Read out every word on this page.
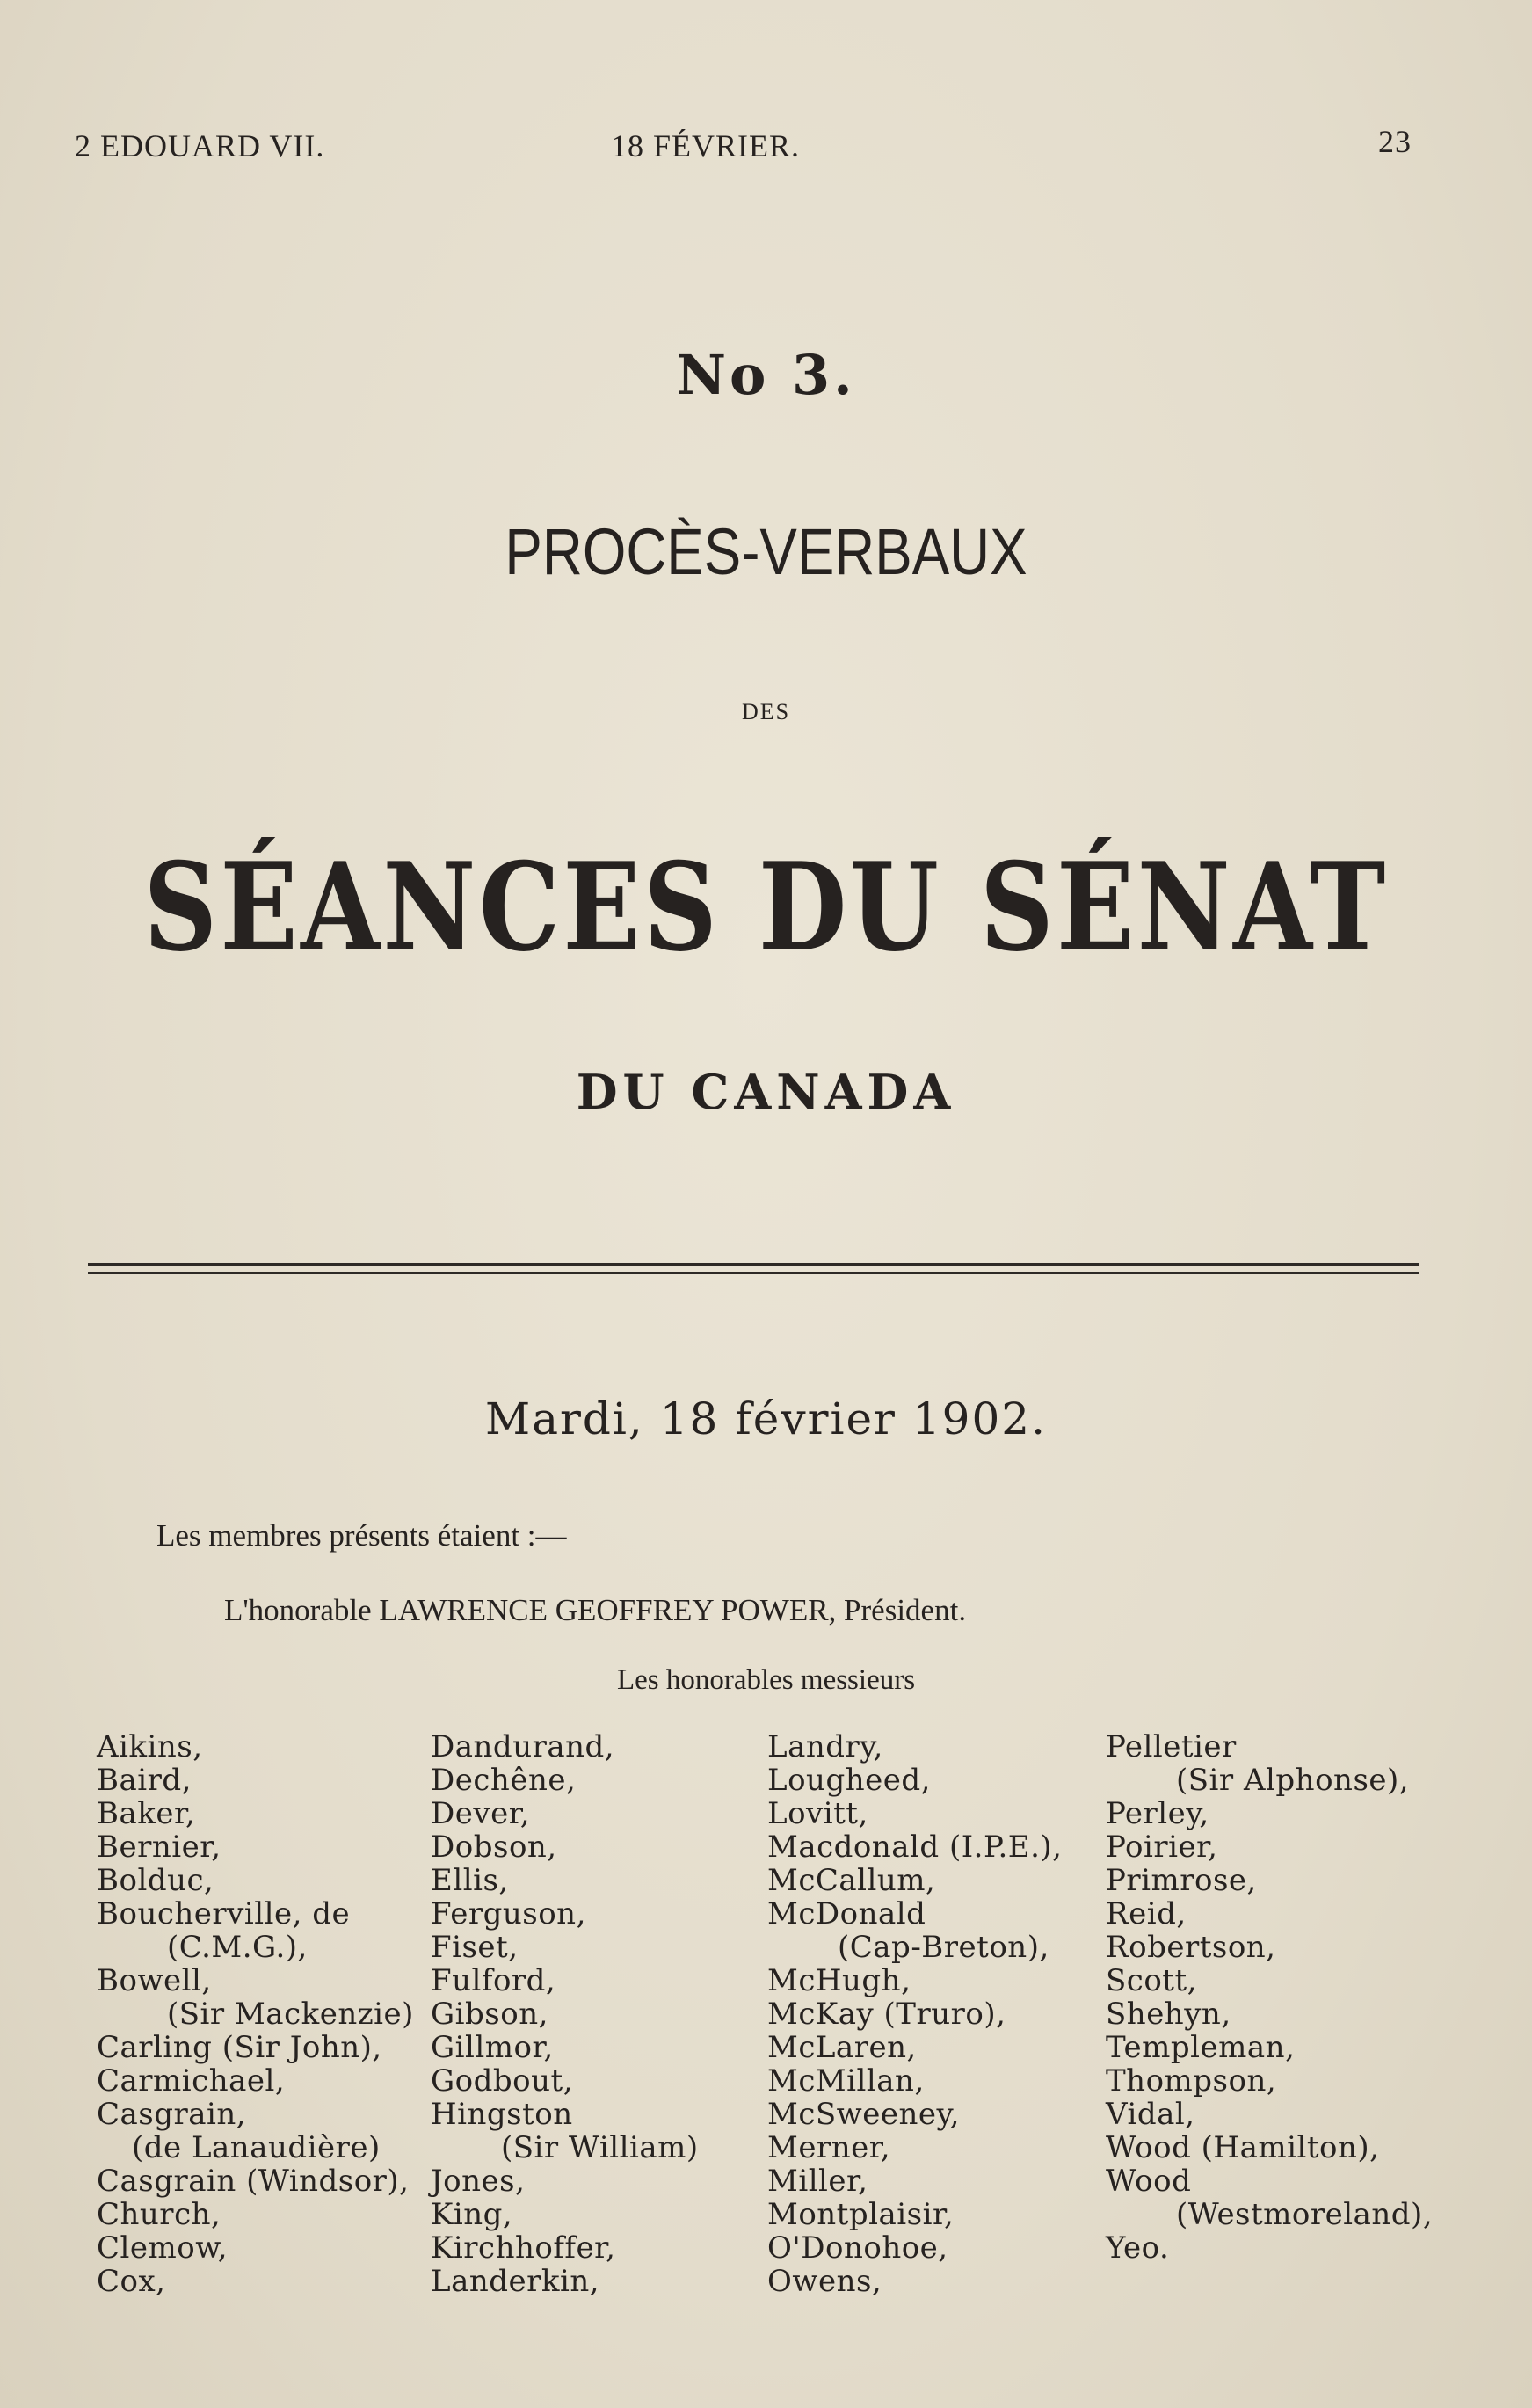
2 EDOUARD VII.	18 FÉVRIER.	23
No 3.
PROCÈS-VERBAUX
DES
SÉANCES DU SÉNAT
DU CANADA
Mardi, 18 février 1902.
Les membres présents étaient :—
L'honorable LAWRENCE GEOFFREY POWER, Président.
Les honorables messieurs
Aikins,
Baird,
Baker,
Bernier,
Bolduc,
Boucherville, de
(C.M.G.),
Bowell,
(Sir Mackenzie)
Carling (Sir John),
Carmichael,
Casgrain,
(de Lanaudière)
Casgrain (Windsor),
Church,
Clemow,
Cox,
Dandurand,
Dechêne,
Dever,
Dobson,
Ellis,
Ferguson,
Fiset,
Fulford,
Gibson,
Gillmor,
Godbout,
Hingston
(Sir William)
Jones,
King,
Kirchhoffer,
Landerkin,
Landry,
Lougheed,
Lovitt,
Macdonald (I.P.E.),
McCallum,
McDonald
(Cap-Breton),
McHugh,
McKay (Truro),
McLaren,
McMillan,
McSweeney,
Merner,
Miller,
Montplaisir,
O'Donohoe,
Owens,
Pelletier
(Sir Alphonse),
Perley,
Poirier,
Primrose,
Reid,
Robertson,
Scott,
Shehyn,
Templeman,
Thompson,
Vidal,
Wood (Hamilton),
Wood
(Westmoreland),
Yeo.
